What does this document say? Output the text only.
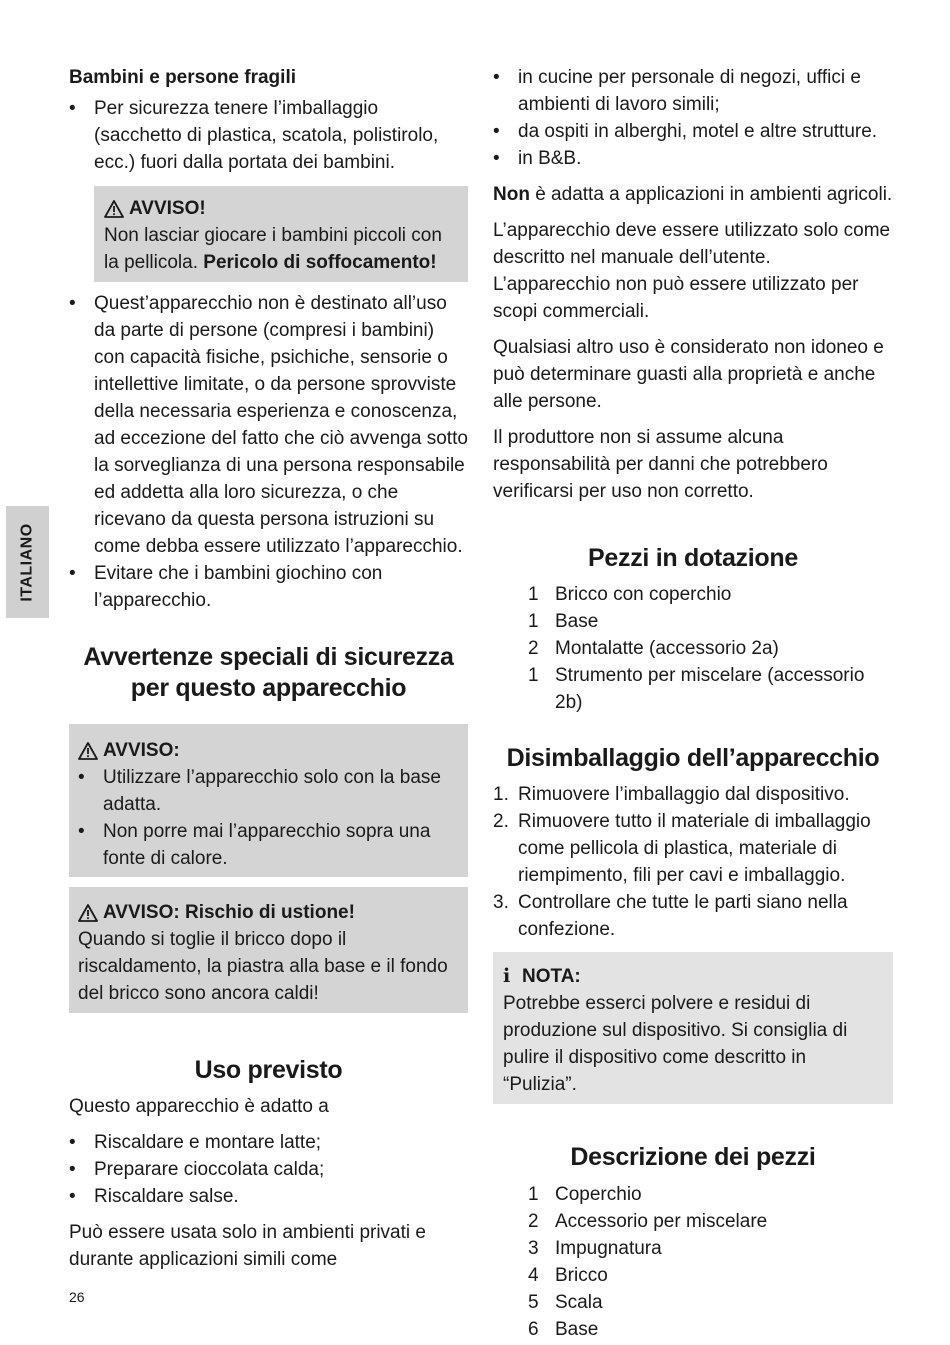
ITALIANO
Bambini e persone fragili
• Per sicurezza tenere l’imballaggio (sacchetto di plastica, scatola, polistirolo, ecc.) fuori dalla portata dei bambini.
AVVISO!

Non lasciar giocare i bambini piccoli con la pellicola. Pericolo di soffocamento!

• Quest’apparecchio non è destinato all’uso da parte di persone (compresi i bambini) con capacità fisiche, psichiche, sensorie o intellettive limitate, o da persone sprovviste della necessaria esperienza e conoscenza, ad eccezione del fatto che ciò avvenga sotto la sorveglianza di una persona responsabile ed addetta alla loro sicurezza, o che ricevano da questa persona istruzioni su come debba essere utilizzato l’apparecchio.
• Evitare che i bambini giochino con l’apparecchio.
Avvertenze speciali di sicurezza
per questo apparecchio
AVVISO:
• Utilizzare l’apparecchio solo con la base adatta.
• Non porre mai l’apparecchio sopra una fonte di calore.
AVVISO: Rischio di ustione!

Quando si toglie il bricco dopo il riscaldamento, la piastra alla base e il fondo del bricco sono ancora caldi!

Uso previsto

Questo apparecchio è adatto a

• Riscaldare e montare latte;
• Preparare cioccolata calda;
• Riscaldare salse.

Può essere usata solo in ambienti privati e durante applicazioni simili come

• in cucine per personale di negozi, uffici e ambienti di lavoro simili;
• da ospiti in alberghi, motel e altre strutture.
• in B&B.

Non è adatta a applicazioni in ambienti agricoli.

L’apparecchio deve essere utilizzato solo come descritto nel manuale dell’utente. L’apparecchio non può essere utilizzato per scopi commerciali.

Qualsiasi altro uso è considerato non idoneo e può determinare guasti alla proprietà e anche alle persone.

Il produttore non si assume alcuna responsabilità per danni che potrebbero verificarsi per uso non corretto.

Pezzi in dotazione
1 Bricco con coperchio
1 Base
2 Montalatte (accessorio 2a)
1 Strumento per miscelare (accessorio 2b)
Disimballaggio dell’apparecchio
1. Rimuovere l’imballaggio dal dispositivo.
2. Rimuovere tutto il materiale di imballaggio come pellicola di plastica, materiale di riempimento, fili per cavi e imballaggio.
3. Controllare che tutte le parti siano nella confezione.
i NOTA:

Potrebbe esserci polvere e residui di produzione sul dispositivo. Si consiglia di pulire il dispositivo come descritto in “Pulizia”.

Descrizione dei pezzi
1 Coperchio
2 Accessorio per miscelare
3 Impugnatura
4 Bricco
5 Scala
6 Base
26
